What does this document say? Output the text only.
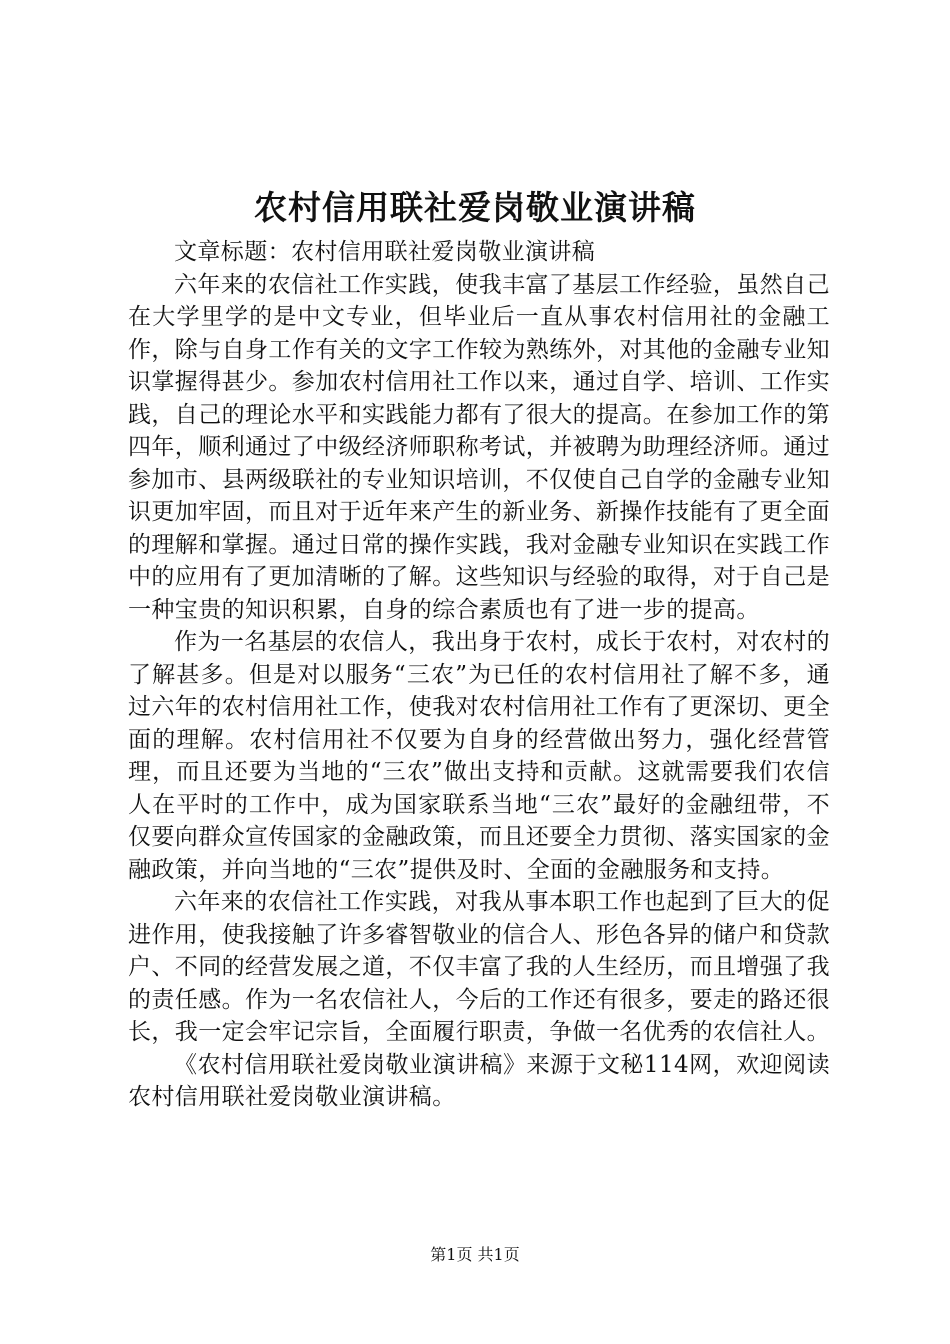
农村信用联社爱岗敬业演讲稿

文章标题：农村信用联社爱岗敬业演讲稿

六年来的农信社工作实践，使我丰富了基层工作经验，虽然自己在大学里学的是中文专业，但毕业后一直从事农村信用社的金融工作，除与自身工作有关的文字工作较为熟练外，对其他的金融专业知识掌握得甚少。参加农村信用社工作以来，通过自学、培训、工作实践，自己的理论水平和实践能力都有了很大的提高。在参加工作的第四年，顺利通过了中级经济师职称考试，并被聘为助理经济师。通过参加市、县两级联社的专业知识培训，不仅使自己自学的金融专业知识更加牢固，而且对于近年来产生的新业务、新操作技能有了更全面的理解和掌握。通过日常的操作实践，我对金融专业知识在实践工作中的应用有了更加清晰的了解。这些知识与经验的取得，对于自己是一种宝贵的知识积累，自身的综合素质也有了进一步的提高。

作为一名基层的农信人，我出身于农村，成长于农村，对农村的了解甚多。但是对以服务“三农”为已任的农村信用社了解不多，通过六年的农村信用社工作，使我对农村信用社工作有了更深切、更全面的理解。农村信用社不仅要为自身的经营做出努力，强化经营管理，而且还要为当地的“三农”做出支持和贡献。这就需要我们农信人在平时的工作中，成为国家联系当地“三农”最好的金融纽带，不仅要向群众宣传国家的金融政策，而且还要全力贯彻、落实国家的金融政策，并向当地的“三农”提供及时、全面的金融服务和支持。

六年来的农信社工作实践，对我从事本职工作也起到了巨大的促进作用，使我接触了许多睿智敬业的信合人、形色各异的储户和贷款户、不同的经营发展之道，不仅丰富了我的人生经历，而且增强了我的责任感。作为一名农信社人，今后的工作还有很多，要走的路还很长，我一定会牢记宗旨，全面履行职责，争做一名优秀的农信社人。

《农村信用联社爱岗敬业演讲稿》来源于文秘114网，欢迎阅读农村信用联社爱岗敬业演讲稿。

第1页 共1页
